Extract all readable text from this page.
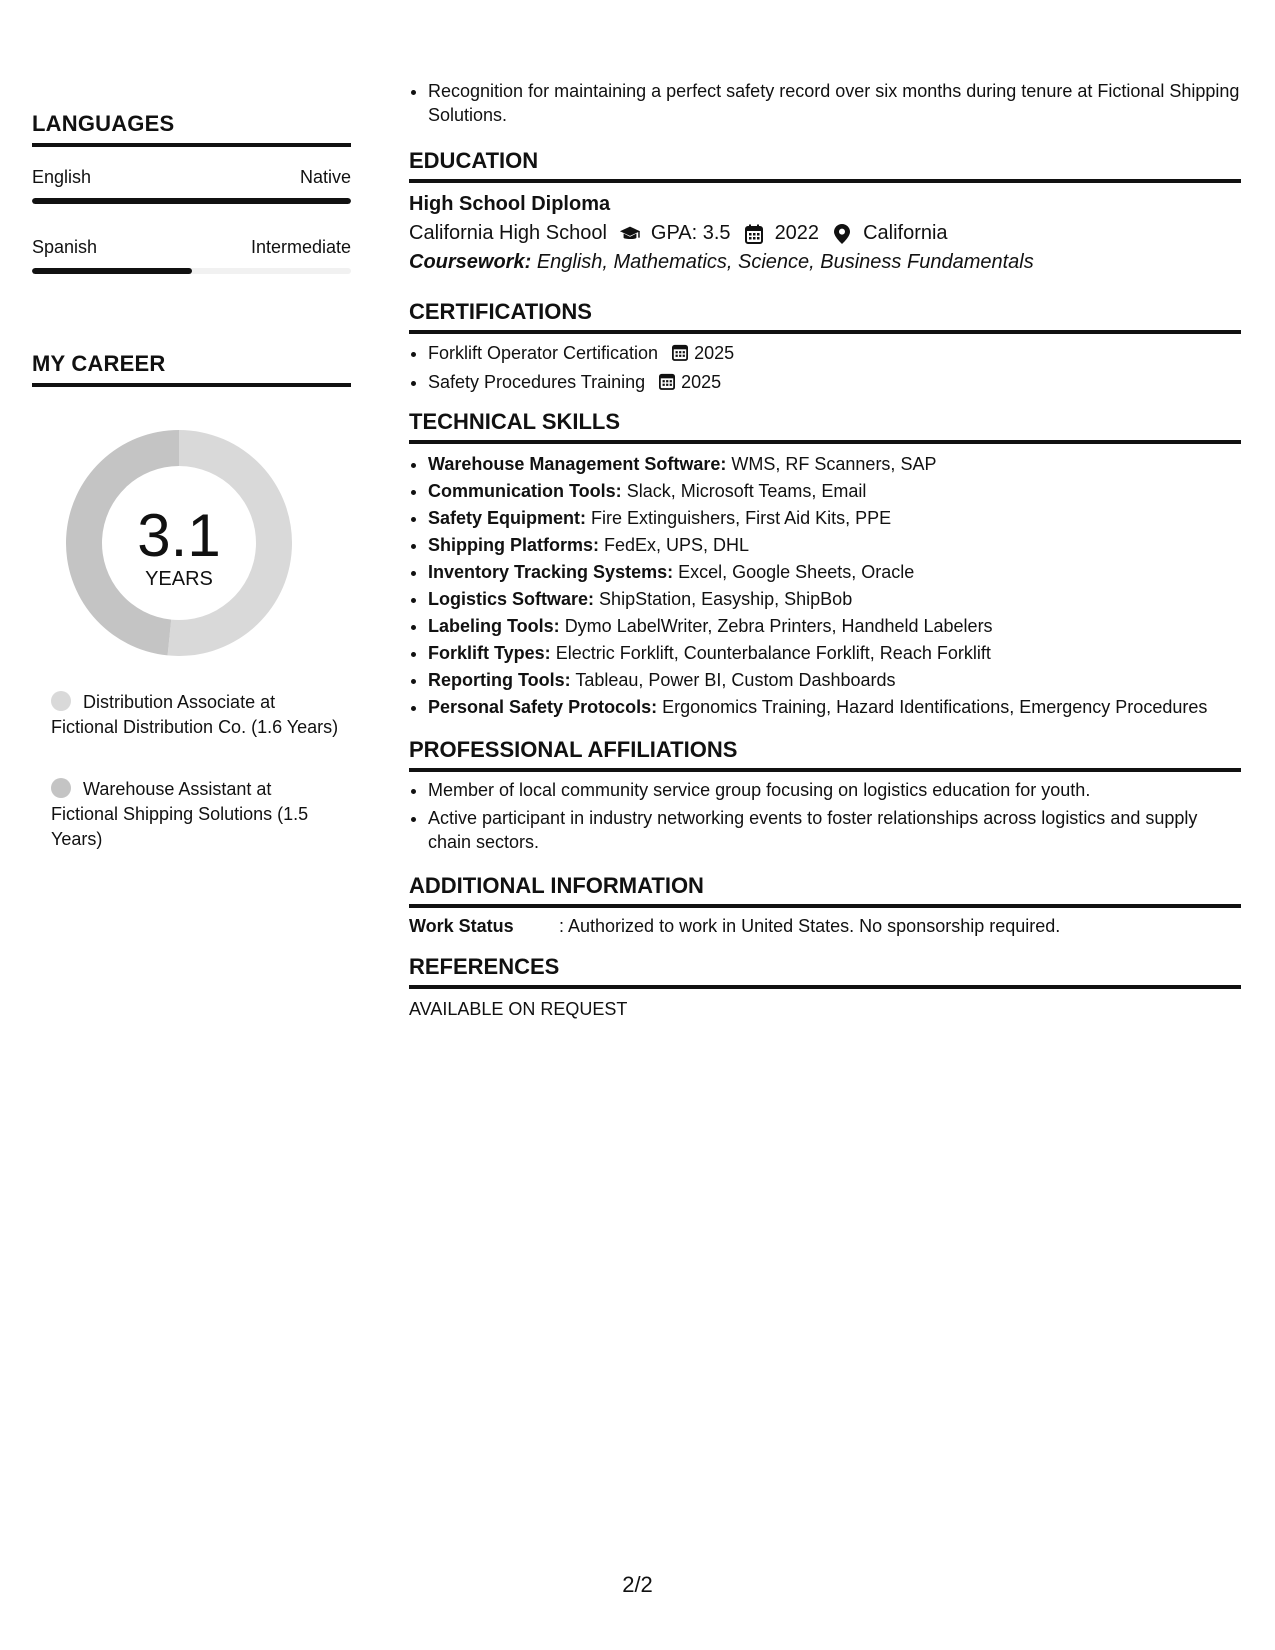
LANGUAGES
English	Native
Spanish	Intermediate
MY CAREER
3.1
YEARS
Distribution Associate at Fictional Distribution Co. (1.6 Years)
Warehouse Assistant at Fictional Shipping Solutions (1.5 Years)
• Recognition for maintaining a perfect safety record over six months during tenure at Fictional Shipping Solutions.
EDUCATION
High School Diploma
California High School GPA: 3.5 2022 California
Coursework: English, Mathematics, Science, Business Fundamentals
CERTIFICATIONS
• Forklift Operator Certification 2025
• Safety Procedures Training 2025
TECHNICAL SKILLS
• Warehouse Management Software: WMS, RF Scanners, SAP
• Communication Tools: Slack, Microsoft Teams, Email
• Safety Equipment: Fire Extinguishers, First Aid Kits, PPE
• Shipping Platforms: FedEx, UPS, DHL
• Inventory Tracking Systems: Excel, Google Sheets, Oracle
• Logistics Software: ShipStation, Easyship, ShipBob
• Labeling Tools: Dymo LabelWriter, Zebra Printers, Handheld Labelers
• Forklift Types: Electric Forklift, Counterbalance Forklift, Reach Forklift
• Reporting Tools: Tableau, Power BI, Custom Dashboards
• Personal Safety Protocols: Ergonomics Training, Hazard Identifications, Emergency Procedures
PROFESSIONAL AFFILIATIONS
• Member of local community service group focusing on logistics education for youth.
• Active participant in industry networking events to foster relationships across logistics and supply chain sectors.
ADDITIONAL INFORMATION
Work Status	: Authorized to work in United States. No sponsorship required.
REFERENCES
AVAILABLE ON REQUEST
2/2
